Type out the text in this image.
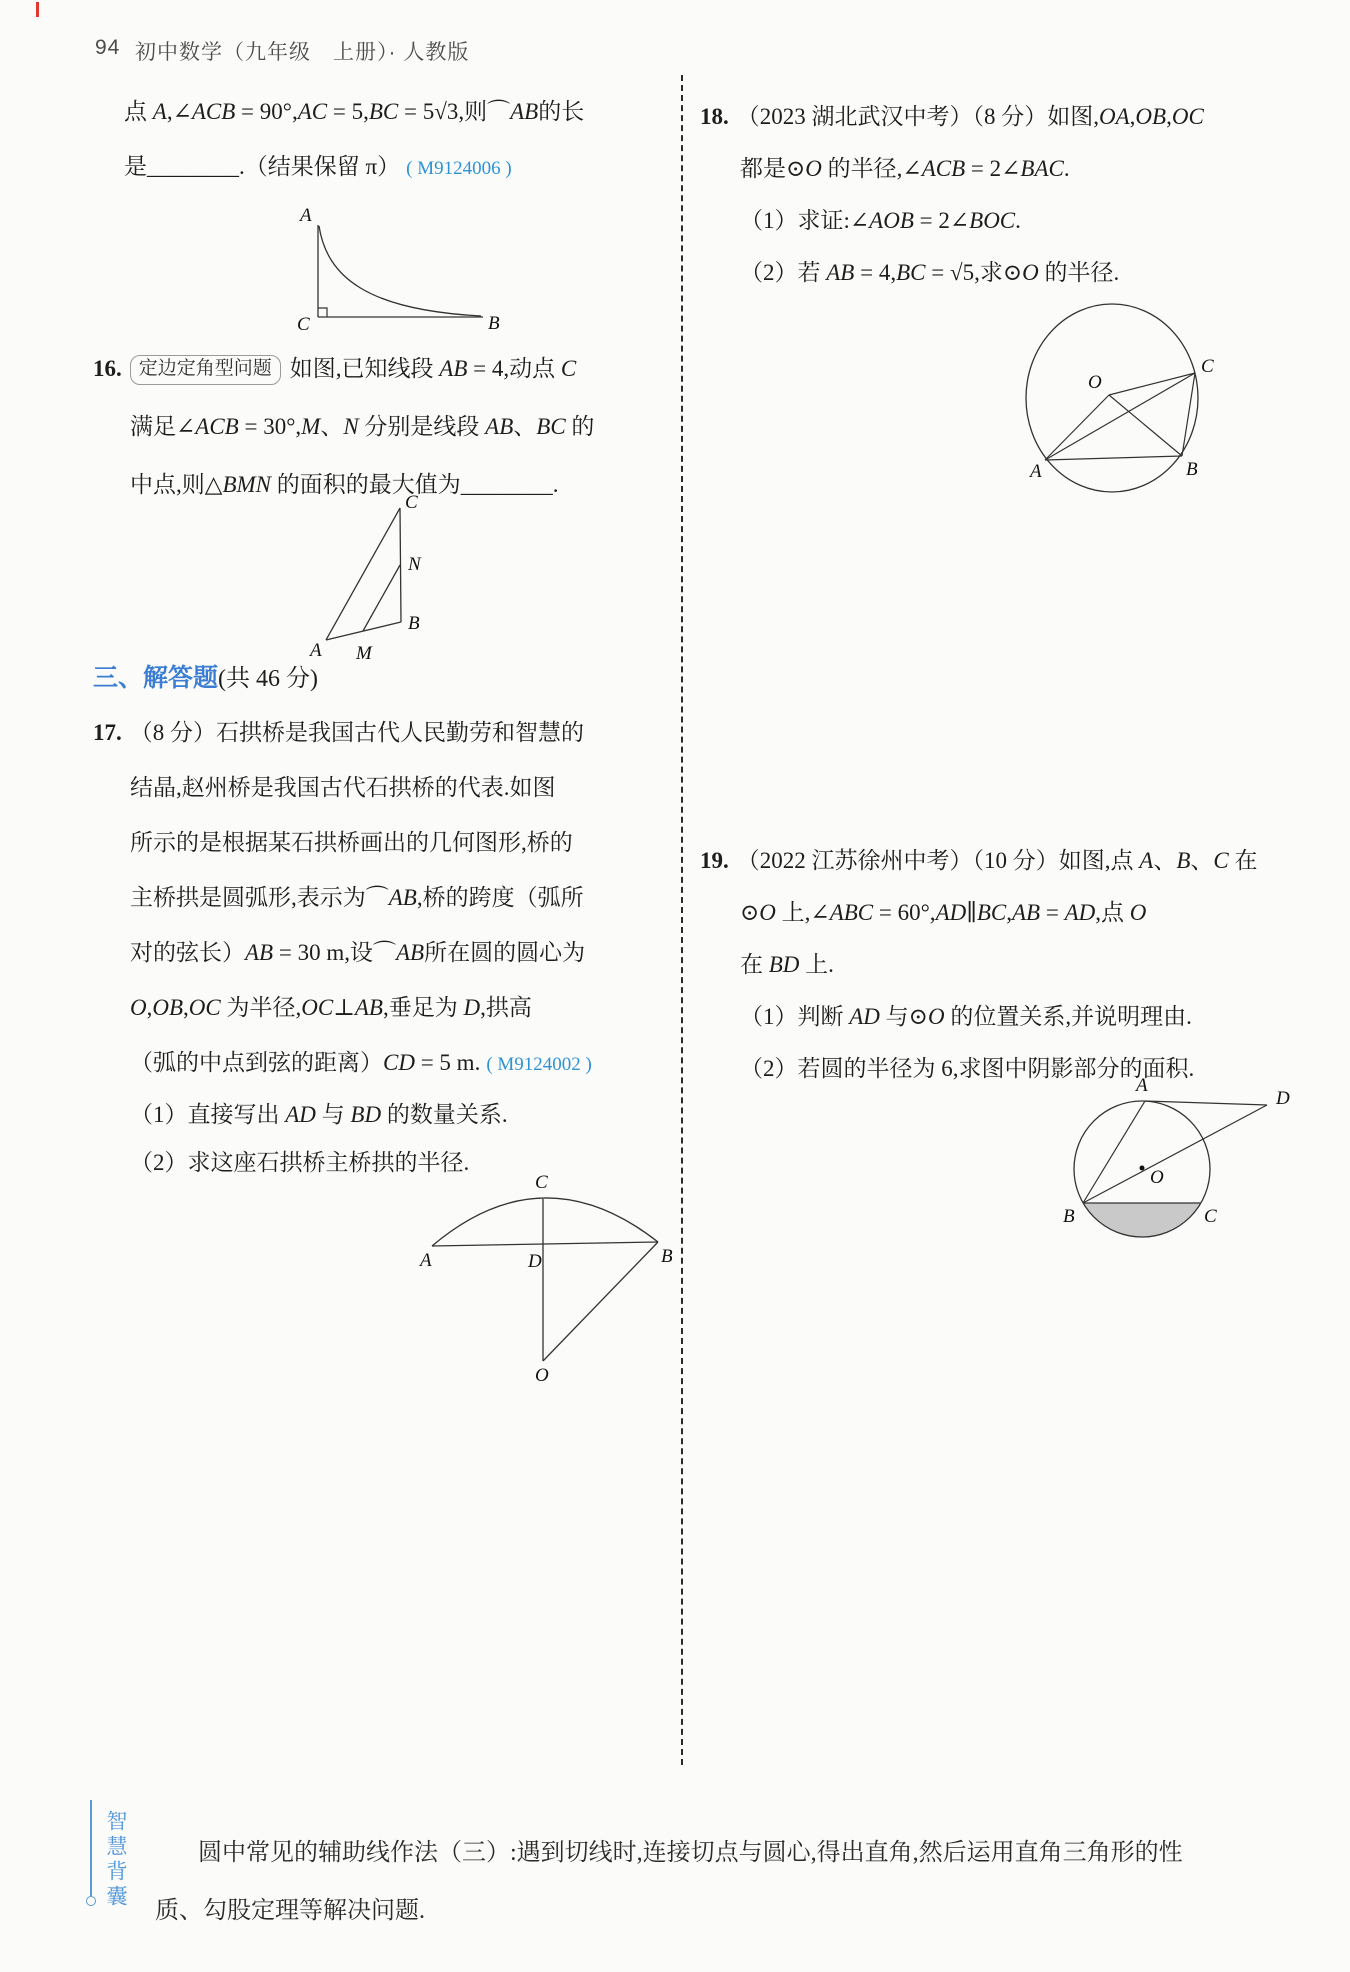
94 初中数学（九年级　上册）· 人教版
点 A,∠ACB = 90°,AC = 5,BC = 5√3,则⌒AB的长
是________.（结果保留 π） ( M9124006 )
A
C	B
16. 定边定角型问题 如图,已知线段 AB = 4,动点 C
满足∠ACB = 30°,M、N 分别是线段 AB、BC 的
中点,则△BMN 的面积的最大值为________.
C
N
B
M
A
三、解答题(共 46 分)
17. （8 分）石拱桥是我国古代人民勤劳和智慧的
结晶,赵州桥是我国古代石拱桥的代表.如图
所示的是根据某石拱桥画出的几何图形,桥的
主桥拱是圆弧形,表示为⌒AB,桥的跨度（弧所
对的弦长）AB = 30 m,设⌒AB所在圆的圆心为
O,OB,OC 为半径,OC⊥AB,垂足为 D,拱高
（弧的中点到弦的距离）CD = 5 m. ( M9124002 )
（1）直接写出 AD 与 BD 的数量关系.
（2）求这座石拱桥主桥拱的半径.
C
A	D	B
O
18. （2023 湖北武汉中考）（8 分）如图,OA,OB,OC
都是⊙O 的半径,∠ACB = 2∠BAC.
（1）求证:∠AOB = 2∠BOC.
（2）若 AB = 4,BC = √5,求⊙O 的半径.
O
C
A	B
19. （2022 江苏徐州中考）（10 分）如图,点 A、B、C 在
⊙O 上,∠ABC = 60°,AD∥BC,AB = AD,点 O
在 BD 上.
（1）判断 AD 与⊙O 的位置关系,并说明理由.
（2）若圆的半径为 6,求图中阴影部分的面积.
A
D
O
B	C
智慧背囊	圆中常见的辅助线作法（三）:遇到切线时,连接切点与圆心,得出直角,然后运用直角三角形的性
质、勾股定理等解决问题.
